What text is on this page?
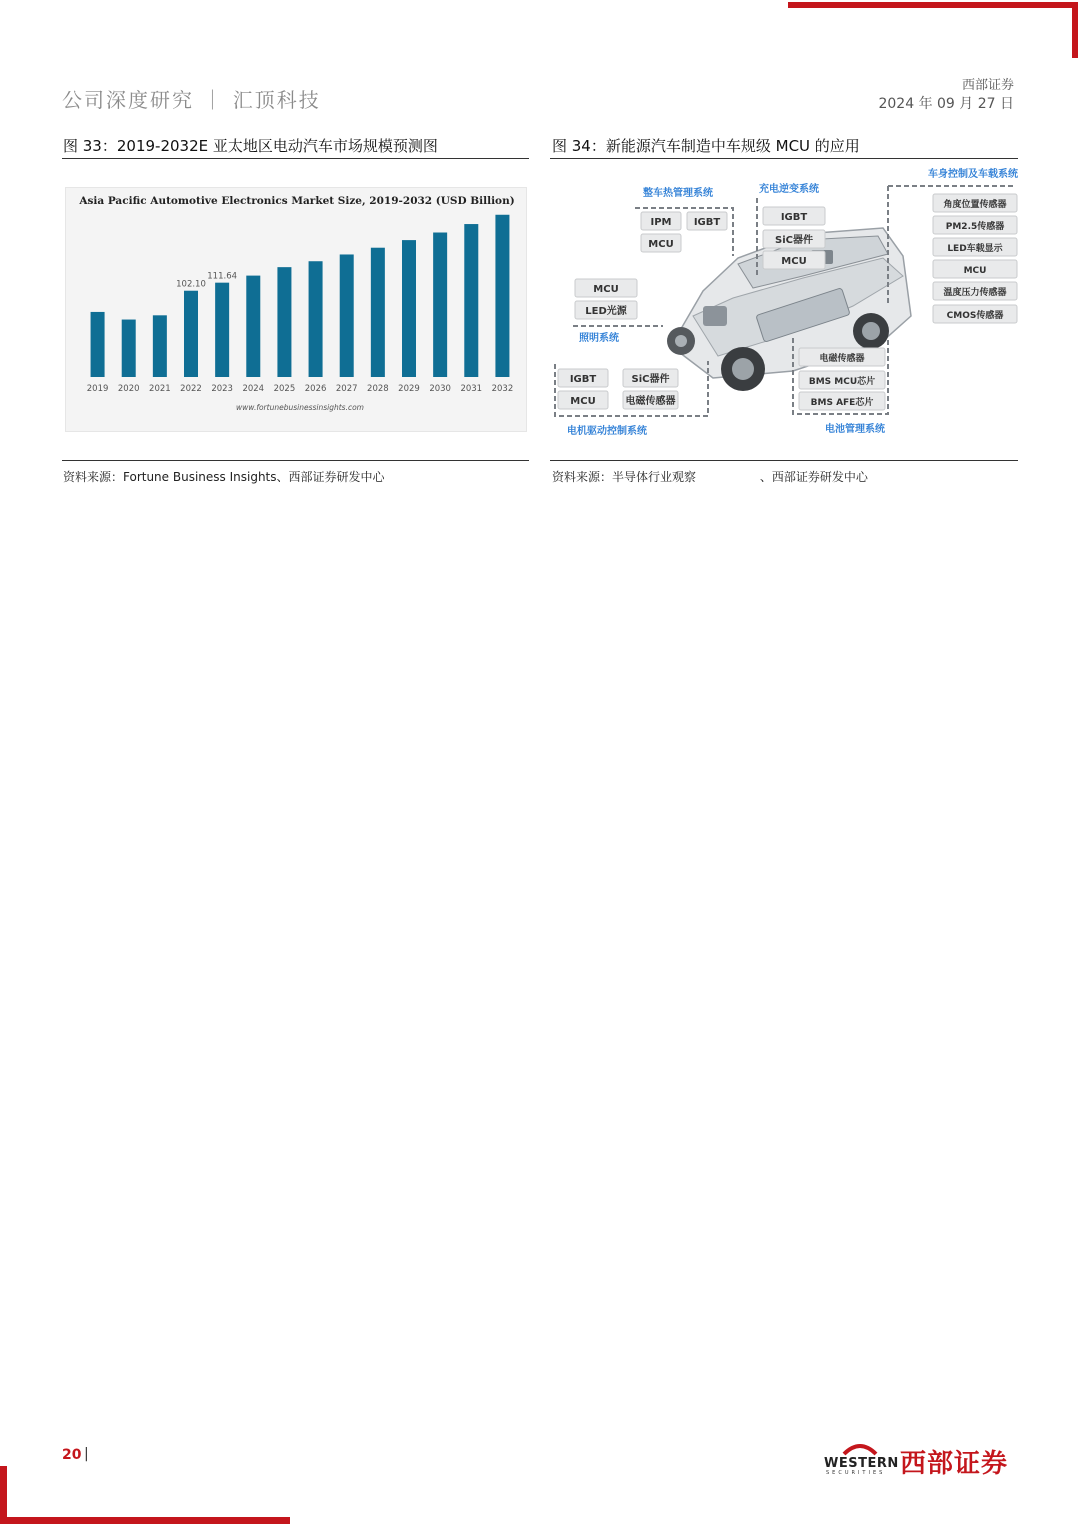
公司深度研究 ｜ 汇顶科技
西部证券
2024 年 09 月 27 日
图 33：2019-2032E 亚太地区电动汽车市场规模预测图
Asia Pacific Automotive Electronics Market Size, 2019-2032 (USD Billion)
2019 2020 2021 2022 2023 2024 2025 2026 2027 2028 2029 2030 2031 2032
102.10
111.64
www.fortunebusinessinsights.com
资料来源：Fortune Business Insights、西部证券研发中心
图 34：新能源汽车制造中车规级 MCU 的应用
整车热管理系统
IPM IGBT
MCU
充电逆变系统
IGBT
SiC器件
MCU
车身控制及车载系统
角度位置传感器
PM2.5传感器
LED车载显示
MCU
温度压力传感器
CMOS传感器
照明系统
MCU
LED光源
电机驱动控制系统
IGBT	SiC器件
MCU	电磁传感器
电池管理系统
电磁传感器
BMS MCU芯片
BMS AFE芯片
资料来源：半导体行业观察 　　　　　、西部证券研发中心
20 |
WESTERN
SECURITIES 西部证券
